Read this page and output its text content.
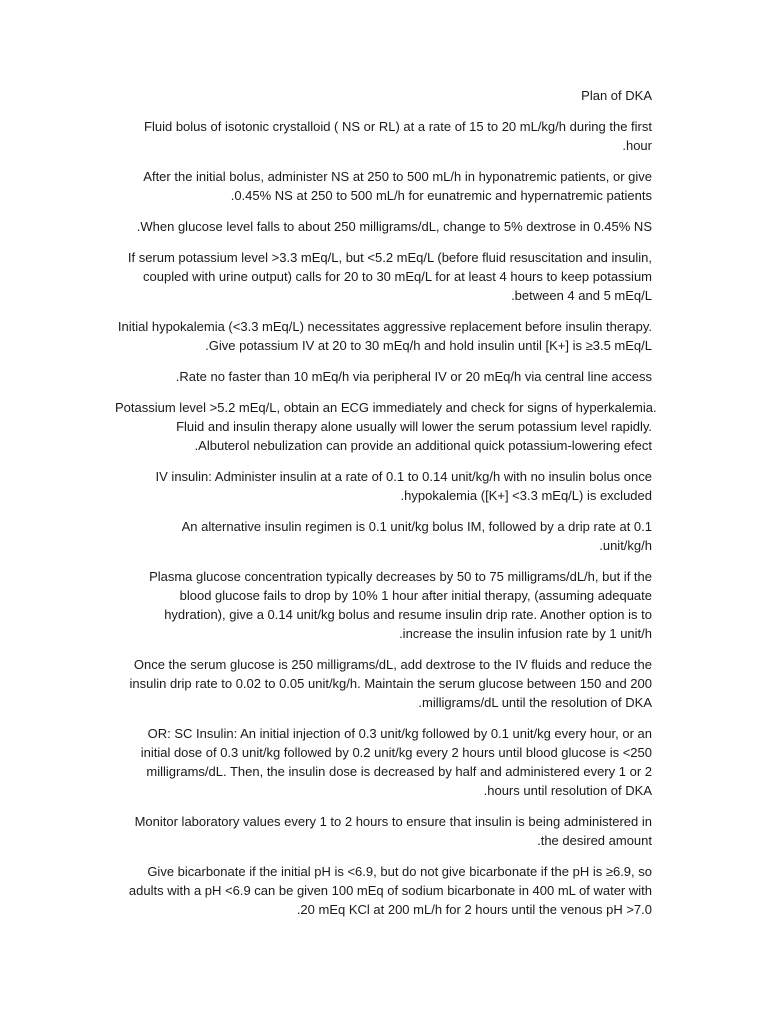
Plan of DKA

Fluid bolus of isotonic crystalloid ( NS or RL) at a rate of 15 to 20 mL/kg/h during the first
.hour

After the initial bolus, administer NS at 250 to 500 mL/h in hyponatremic patients, or give
.0.45% NS at 250 to 500 mL/h for eunatremic and hypernatremic patients

.When glucose level falls to about 250 milligrams/dL, change to 5% dextrose in 0.45% NS

If serum potassium level >3.3 mEq/L, but <5.2 mEq/L (before fluid resuscitation and insulin,
coupled with urine output) calls for 20 to 30 mEq/L for at least 4 hours to keep potassium
.between 4 and 5 mEq/L

Initial hypokalemia (<3.3 mEq/L) necessitates aggressive replacement before insulin therapy.
.Give potassium IV at 20 to 30 mEq/h and hold insulin until [K+] is ≥3.5 mEq/L

.Rate no faster than 10 mEq/h via peripheral IV or 20 mEq/h via central line access

Potassium level >5.2 mEq/L, obtain an ECG immediately and check for signs of hyperkalemia.
Fluid and insulin therapy alone usually will lower the serum potassium level rapidly.
.Albuterol nebulization can provide an additional quick potassium-lowering efect

IV insulin: Administer insulin at a rate of 0.1 to 0.14 unit/kg/h with no insulin bolus once
.hypokalemia ([K+] <3.3 mEq/L) is excluded

An alternative insulin regimen is 0.1 unit/kg bolus IM, followed by a drip rate at 0.1
.unit/kg/h

Plasma glucose concentration typically decreases by 50 to 75 milligrams/dL/h, but if the
blood glucose fails to drop by 10% 1 hour after initial therapy, (assuming adequate
hydration), give a 0.14 unit/kg bolus and resume insulin drip rate. Another option is to
.increase the insulin infusion rate by 1 unit/h

Once the serum glucose is 250 milligrams/dL, add dextrose to the IV fluids and reduce the
insulin drip rate to 0.02 to 0.05 unit/kg/h. Maintain the serum glucose between 150 and 200
.milligrams/dL until the resolution of DKA

OR: SC Insulin: An initial injection of 0.3 unit/kg followed by 0.1 unit/kg every hour, or an
initial dose of 0.3 unit/kg followed by 0.2 unit/kg every 2 hours until blood glucose is <250
milligrams/dL. Then, the insulin dose is decreased by half and administered every 1 or 2
.hours until resolution of DKA

Monitor laboratory values every 1 to 2 hours to ensure that insulin is being administered in
.the desired amount

Give bicarbonate if the initial pH is <6.9, but do not give bicarbonate if the pH is ≥6.9, so
adults with a pH <6.9 can be given 100 mEq of sodium bicarbonate in 400 mL of water with
.20 mEq KCl at 200 mL/h for 2 hours until the venous pH >7.0
